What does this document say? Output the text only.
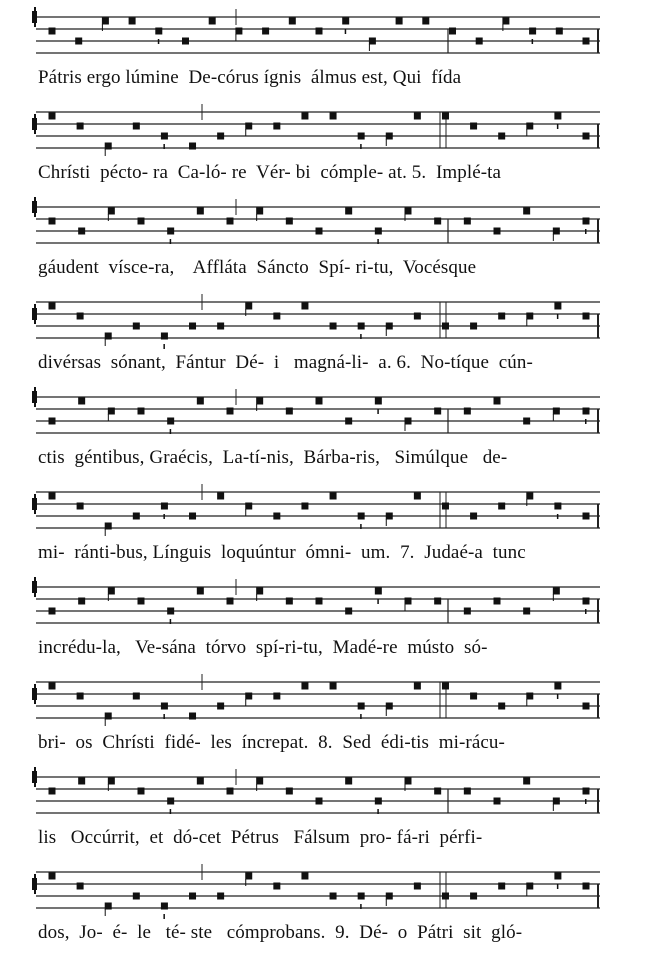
Pátris ergo lúmine  De-córus ígnis  álmus est, Qui  fída
Chrísti  pécto- ra  Ca-ló- re  Vér- bi  cómple- at. 5.  Implé-ta
gáudent  vísce-ra,    Affláta  Sáncto  Spí- ri-tu,  Vocésque
divérsas  sónant,  Fántur  Dé-  i   magná-li-  a. 6.  No-tíque  cún-
ctis  géntibus, Graécis,  La-tí-nis,  Bárba-ris,   Simúlque   de-
mi-  ránti-bus, Línguis  loquúntur  ómni-  um.  7.  Judaé-a  tunc
incrédu-la,   Ve-sána  tórvo  spí-ri-tu,  Madé-re  músto  só-
bri-  os  Chrísti  fidé-  les  íncrepat.  8.  Sed  édi-tis  mi-rácu-
lis   Occúrrit,  et  dó-cet  Pétrus   Fálsum  pro- fá-ri  pérfi-
dos,  Jo-  é-  le   té- ste   cómprobans.  9.  Dé-  o  Pátri  sit  gló-
